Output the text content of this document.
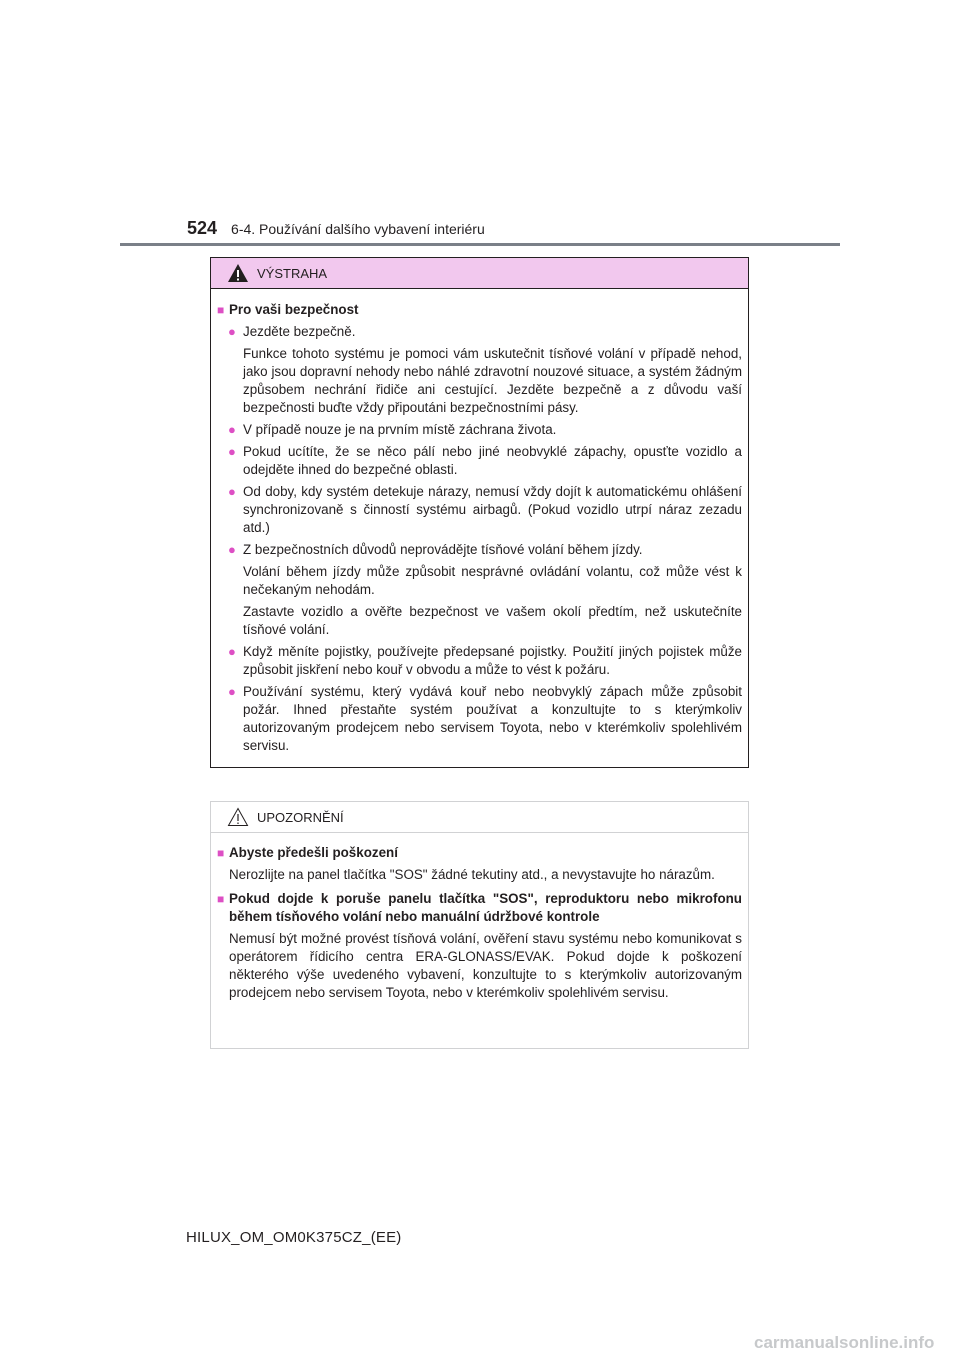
524 6-4. Používání dalšího vybavení interiéru
VÝSTRAHA
■ Pro vaši bezpečnost
● Jezděte bezpečně.
Funkce tohoto systému je pomoci vám uskutečnit tísňové volání v případě nehod, jako jsou dopravní nehody nebo náhlé zdravotní nouzové situace, a systém žádným způsobem nechrání řidiče ani cestující. Jezděte bezpečně a z důvodu vaší bezpečnosti buďte vždy připoutáni bezpečnostními pásy.
● V případě nouze je na prvním místě záchrana života.
● Pokud ucítíte, že se něco pálí nebo jiné neobvyklé zápachy, opusťte vozidlo a odejděte ihned do bezpečné oblasti.
● Od doby, kdy systém detekuje nárazy, nemusí vždy dojít k automatickému ohlášení synchronizovaně s činností systému airbagů. (Pokud vozidlo utrpí náraz zezadu atd.)
● Z bezpečnostních důvodů neprovádějte tísňové volání během jízdy.
Volání během jízdy může způsobit nesprávné ovládání volantu, což může vést k nečekaným nehodám.
Zastavte vozidlo a ověřte bezpečnost ve vašem okolí předtím, než uskutečníte tísňové volání.
● Když měníte pojistky, používejte předepsané pojistky. Použití jiných pojistek může způsobit jiskření nebo kouř v obvodu a může to vést k požáru.
● Používání systému, který vydává kouř nebo neobvyklý zápach může způsobit požár. Ihned přestaňte systém používat a konzultujte to s kterýmkoliv autorizovaným prodejcem nebo servisem Toyota, nebo v kterémkoliv spolehlivém servisu.
UPOZORNĚNÍ
■ Abyste předešli poškození
Nerozlijte na panel tlačítka "SOS" žádné tekutiny atd., a nevystavujte ho nárazům.
■ Pokud dojde k poruše panelu tlačítka "SOS", reproduktoru nebo mikrofonu během tísňového volání nebo manuální údržbové kontrole
Nemusí být možné provést tísňová volání, ověření stavu systému nebo komunikovat s operátorem řídicího centra ERA-GLONASS/EVAK. Pokud dojde k poškození některého výše uvedeného vybavení, konzultujte to s kterýmkoliv autorizovaným prodejcem nebo servisem Toyota, nebo v kterémkoliv spolehlivém servisu.
HILUX_OM_OM0K375CZ_(EE)
carmanualsonline.info
